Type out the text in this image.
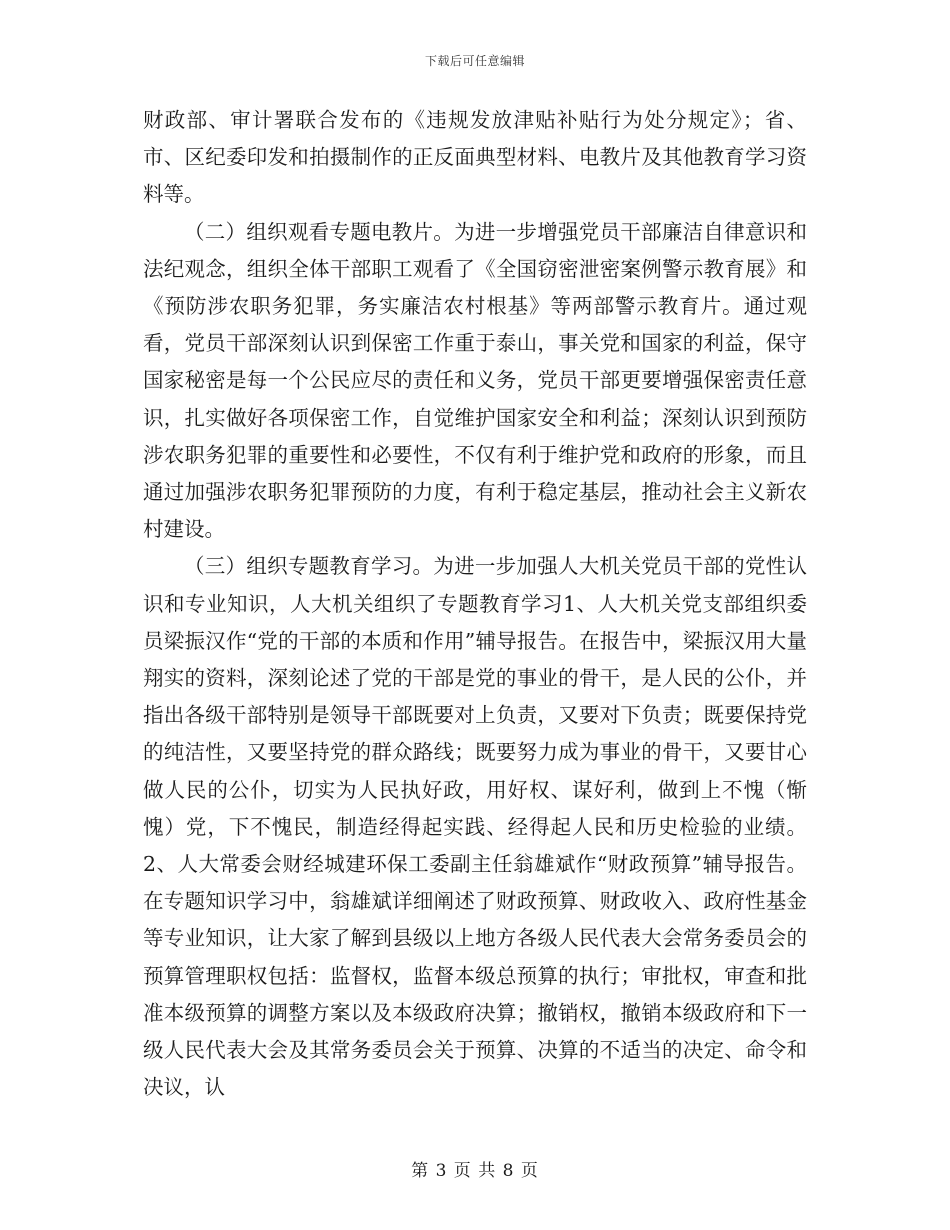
下载后可任意编辑

财政部、审计署联合发布的《违规发放津贴补贴行为处分规定》；省、市、区纪委印发和拍摄制作的正反面典型材料、电教片及其他教育学习资料等。

（二）组织观看专题电教片。为进一步增强党员干部廉洁自律意识和法纪观念，组织全体干部职工观看了《全国窃密泄密案例警示教育展》和《预防涉农职务犯罪，务实廉洁农村根基》等两部警示教育片。通过观看，党员干部深刻认识到保密工作重于泰山，事关党和国家的利益，保守国家秘密是每一个公民应尽的责任和义务，党员干部更要增强保密责任意识，扎实做好各项保密工作，自觉维护国家安全和利益；深刻认识到预防涉农职务犯罪的重要性和必要性，不仅有利于维护党和政府的形象，而且通过加强涉农职务犯罪预防的力度，有利于稳定基层，推动社会主义新农村建设。

（三）组织专题教育学习。为进一步加强人大机关党员干部的党性认识和专业知识，人大机关组织了专题教育学习1、人大机关党支部组织委员梁振汉作“党的干部的本质和作用”辅导报告。在报告中，梁振汉用大量翔实的资料，深刻论述了党的干部是党的事业的骨干，是人民的公仆，并指出各级干部特别是领导干部既要对上负责，又要对下负责；既要保持党的纯洁性，又要坚持党的群众路线；既要努力成为事业的骨干，又要甘心做人民的公仆，切实为人民执好政，用好权、谋好利，做到上不愧（惭愧）党，下不愧民，制造经得起实践、经得起人民和历史检验的业绩。2、人大常委会财经城建环保工委副主任翁雄斌作“财政预算”辅导报告。在专题知识学习中，翁雄斌详细阐述了财政预算、财政收入、政府性基金等专业知识，让大家了解到县级以上地方各级人民代表大会常务委员会的预算管理职权包括：监督权，监督本级总预算的执行；审批权，审查和批准本级预算的调整方案以及本级政府决算；撤销权，撤销本级政府和下一级人民代表大会及其常务委员会关于预算、决算的不适当的决定、命令和决议，认

第 3 页 共 8 页
